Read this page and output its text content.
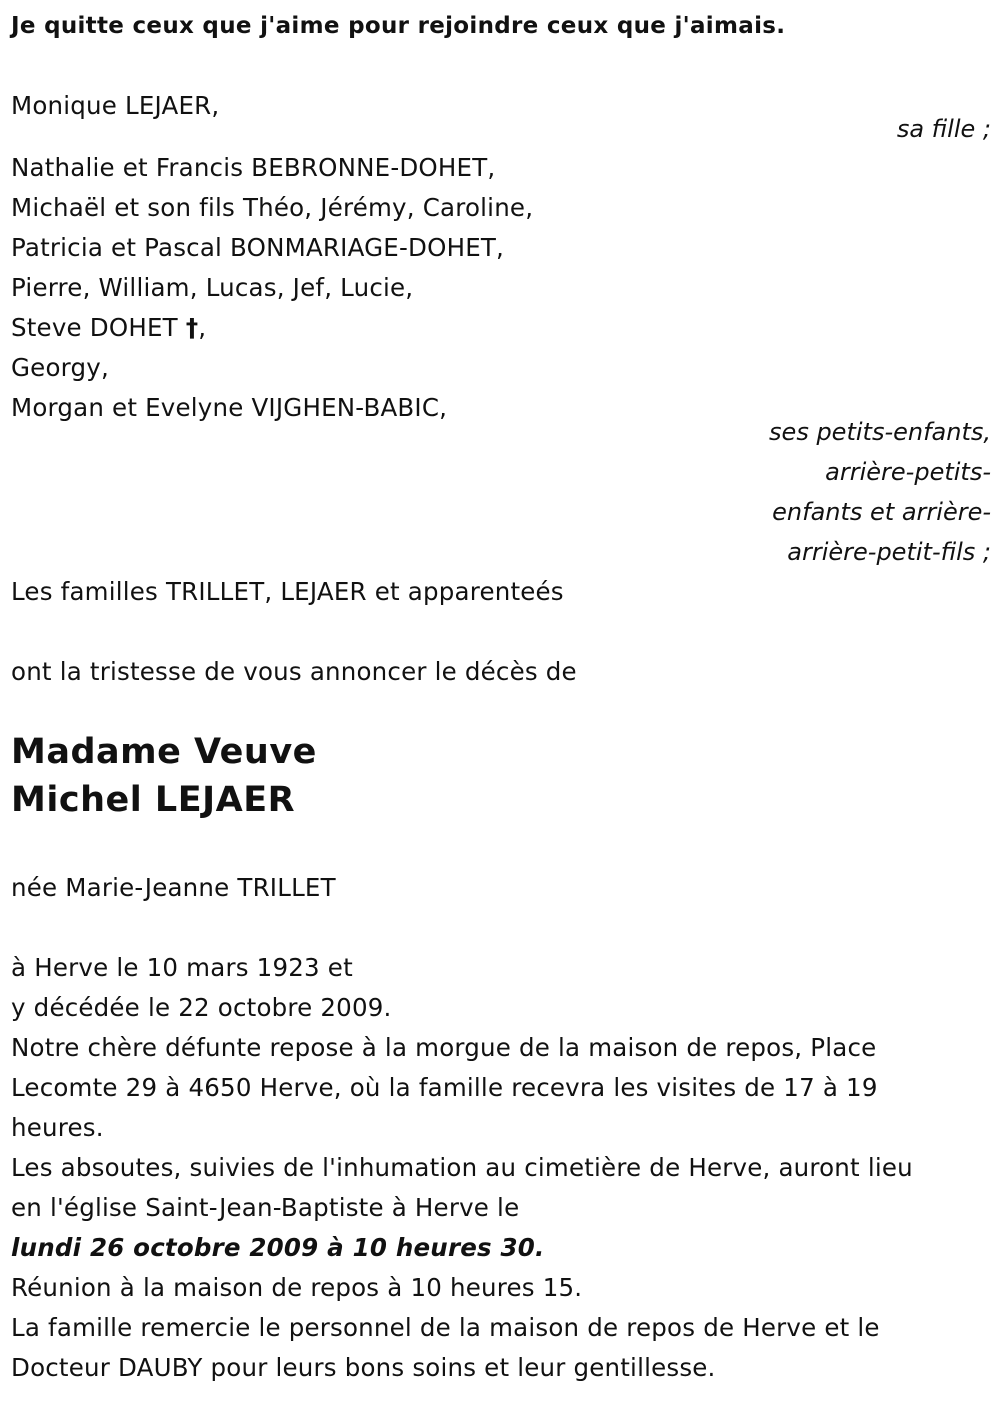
Je quitte ceux que j'aime pour rejoindre ceux que j'aimais.
Monique LEJAER,
sa fille ;
Nathalie et Francis BEBRONNE-DOHET,
Michaël et son fils Théo, Jérémy, Caroline,
Patricia et Pascal BONMARIAGE-DOHET,
Pierre, William, Lucas, Jef, Lucie,
Steve DOHET †,
Georgy,
Morgan et Evelyne VIJGHEN-BABIC,
ses petits-enfants,
arrière-petits-
enfants et arrière-
arrière-petit-fils ;
Les familles TRILLET, LEJAER et apparenteés
ont la tristesse de vous annoncer le décès de
Madame Veuve
Michel LEJAER
née Marie-Jeanne TRILLET
à Herve le 10 mars 1923 et
y décédée le 22 octobre 2009.
Notre chère défunte repose à la morgue de la maison de repos, Place
Lecomte 29 à 4650 Herve, où la famille recevra les visites de 17 à 19
heures.
Les absoutes, suivies de l'inhumation au cimetière de Herve, auront lieu
en l'église Saint-Jean-Baptiste à Herve le
lundi 26 octobre 2009 à 10 heures 30.
Réunion à la maison de repos à 10 heures 15.
La famille remercie le personnel de la maison de repos de Herve et le
Docteur DAUBY pour leurs bons soins et leur gentillesse.
